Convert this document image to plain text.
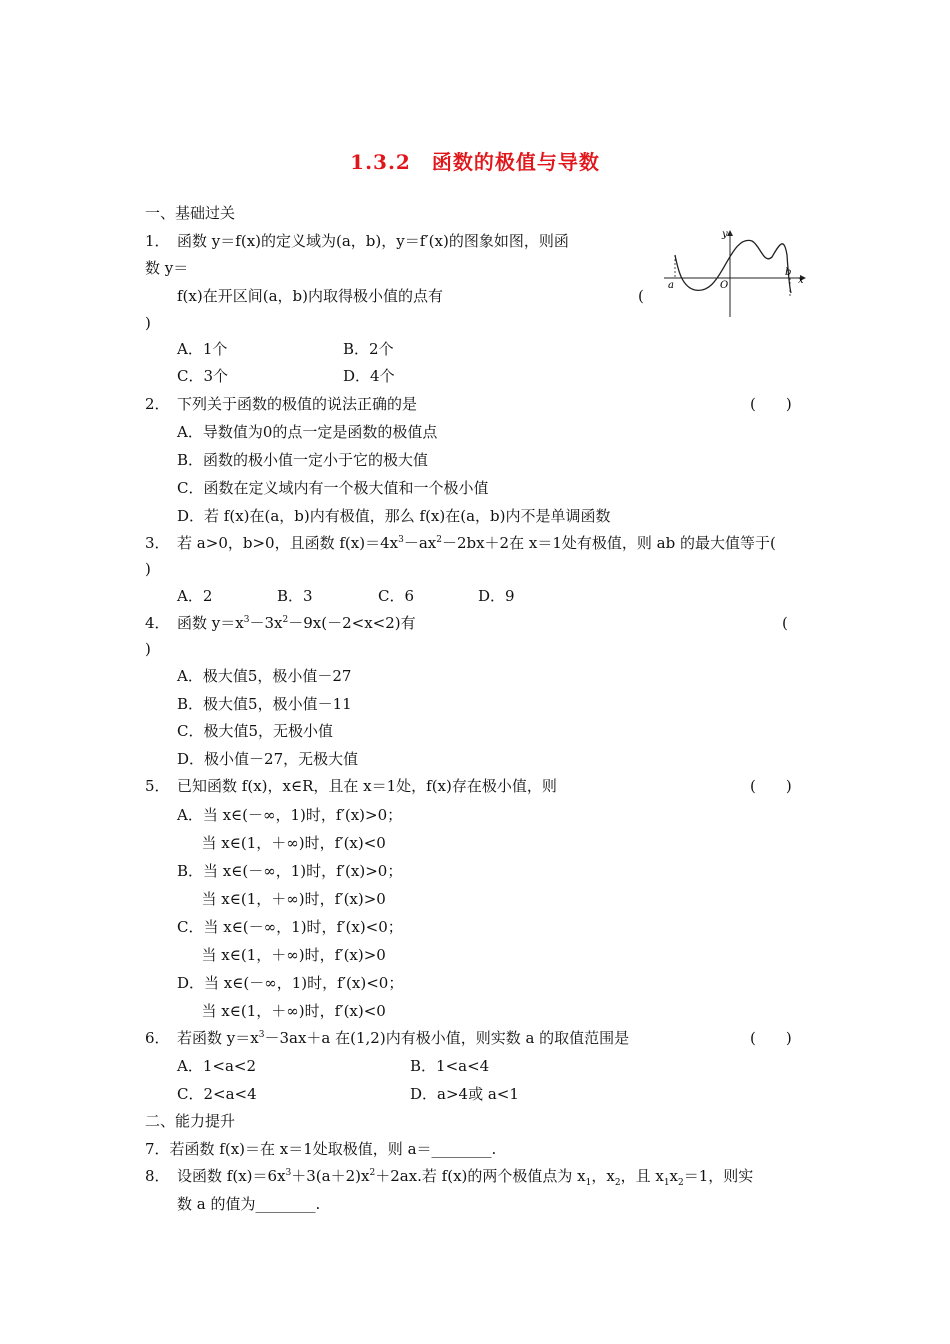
1.3.2　函数的极值与导数
一、基础过关
1．　函数 y＝f(x)的定义域为(a，b)，y＝f′(x)的图象如图，则函
数 y＝
f(x)在开区间(a，b)内取得极小值的点有	(
)
A．1个	B．2个
C．3个	D．4个
y
x
a	O
b
2．　下列关于函数的极值的说法正确的是	(　　)
A．导数值为0的点一定是函数的极值点
B．函数的极小值一定小于它的极大值
C．函数在定义域内有一个极大值和一个极小值
D．若 f(x)在(a，b)内有极值，那么 f(x)在(a，b)内不是单调函数
3．　若 a>0，b>0，且函数 $f(x)=4x^3-ax^2-2bx+2$在 x＝1处有极值，则 ab 的最大值等于(
)
A．2	B．3	C．6	D．9
4．　函数 $y=x^3-3x^2-9x(-2<x<2)$有	(
)
A．极大值5，极小值－27
B．极大值5，极小值－11
C．极大值5，无极小值
D．极小值－27，无极大值
5．　已知函数 f(x)，x∈R，且在 x＝1处，f(x)存在极小值，则	(　　)
A．当 x∈(－∞，1)时，f′(x)>0；
　  当 x∈(1，＋∞)时，f′(x)<0
B．当 x∈(－∞，1)时，f′(x)>0；
　  当 x∈(1，＋∞)时，f′(x)>0
C．当 x∈(－∞，1)时，f′(x)<0；
　  当 x∈(1，＋∞)时，f′(x)>0
D．当 x∈(－∞，1)时，f′(x)<0；
　  当 x∈(1，＋∞)时，f′(x)<0
6．　若函数 $y=x^3-3ax+a$ 在(1,2)内有极小值，则实数 a 的取值范围是	(　　)
A．1<a<2	B．1<a<4
C．2<a<4	D．a>4或 a<1
二、能力提升
7．若函数 f(x)＝在 x＝1处取极值，则 a＝________.
8．　设函数 $f(x)=6x^3+3(a+2)x^2+2ax$.若 f(x)的两个极值点为 $x_1$，$x_2$，且 $x_1x_2=1$，则实
数 a 的值为________.
